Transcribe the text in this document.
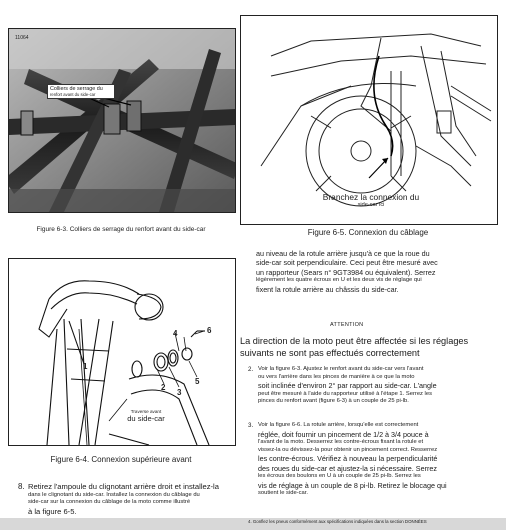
11064
Colliers de serrage du
renfort avant du side-car
Figure 6-3. Colliers de serrage du renfort avant du side-car
Branchez la connexion du
side-car ici
Figure 6-5. Connexion du câblage
au niveau de la rotule arrière jusqu'à ce que la roue du
side-car soit perpendiculaire. Ceci peut être mesuré avec
un rapporteur (Sears n° 9GT3984 ou équivalent). Serrez
légèrement les quatre écrous en U et les deux vis de réglage qui
fixent la rotule arrière au châssis du side-car.
ATTENTION
La direction de la moto peut être affectée si les réglages
suivants ne sont pas effectués correctement
2. Voir la figure 6-3. Ajustez le renfort avant du side-car vers l'avant
ou vers l'arrière dans les pinces de manière à ce que la moto
soit inclinée d'environ 2° par rapport au side-car. L'angle
peut être mesuré à l'aide du rapporteur utilisé à l'étape 1. Serrez les
pinces du renfort avant (figure 6-3) à un couple de 25 pi-lb.
3. Voir la figure 6-6. La rotule arrière, lorsqu'elle est correctement
réglée, doit fournir un pincement de 1/2 à 3/4 pouce à
l'avant de la moto. Desserrez les contre-écrous fixant la rotule et
vissez-la ou dévissez-la pour obtenir un pincement correct. Resserrez
les contre-écrous. Vérifiez à nouveau la perpendicularité
des roues du side-car et ajustez-la si nécessaire. Serrez
les écrous des boulons en U à un couple de 25 pi-lb. Serrez les
vis de réglage à un couple de 8 pi-lb. Retirez le blocage qui
soutient le side-car.
4. Gonflez les pneus conformément aux spécifications indiquées dans la section DONNÉES
1
2
3
4
5
6
Traverse avant
du side-car
Figure 6-4. Connexion supérieure avant
8. Retirez l'ampoule du clignotant arrière droit et installez-la
dans le clignotant du side-car. Installez la connexion du câblage du
side-car sur la connexion du câblage de la moto comme illustré
à la figure 6-5.
